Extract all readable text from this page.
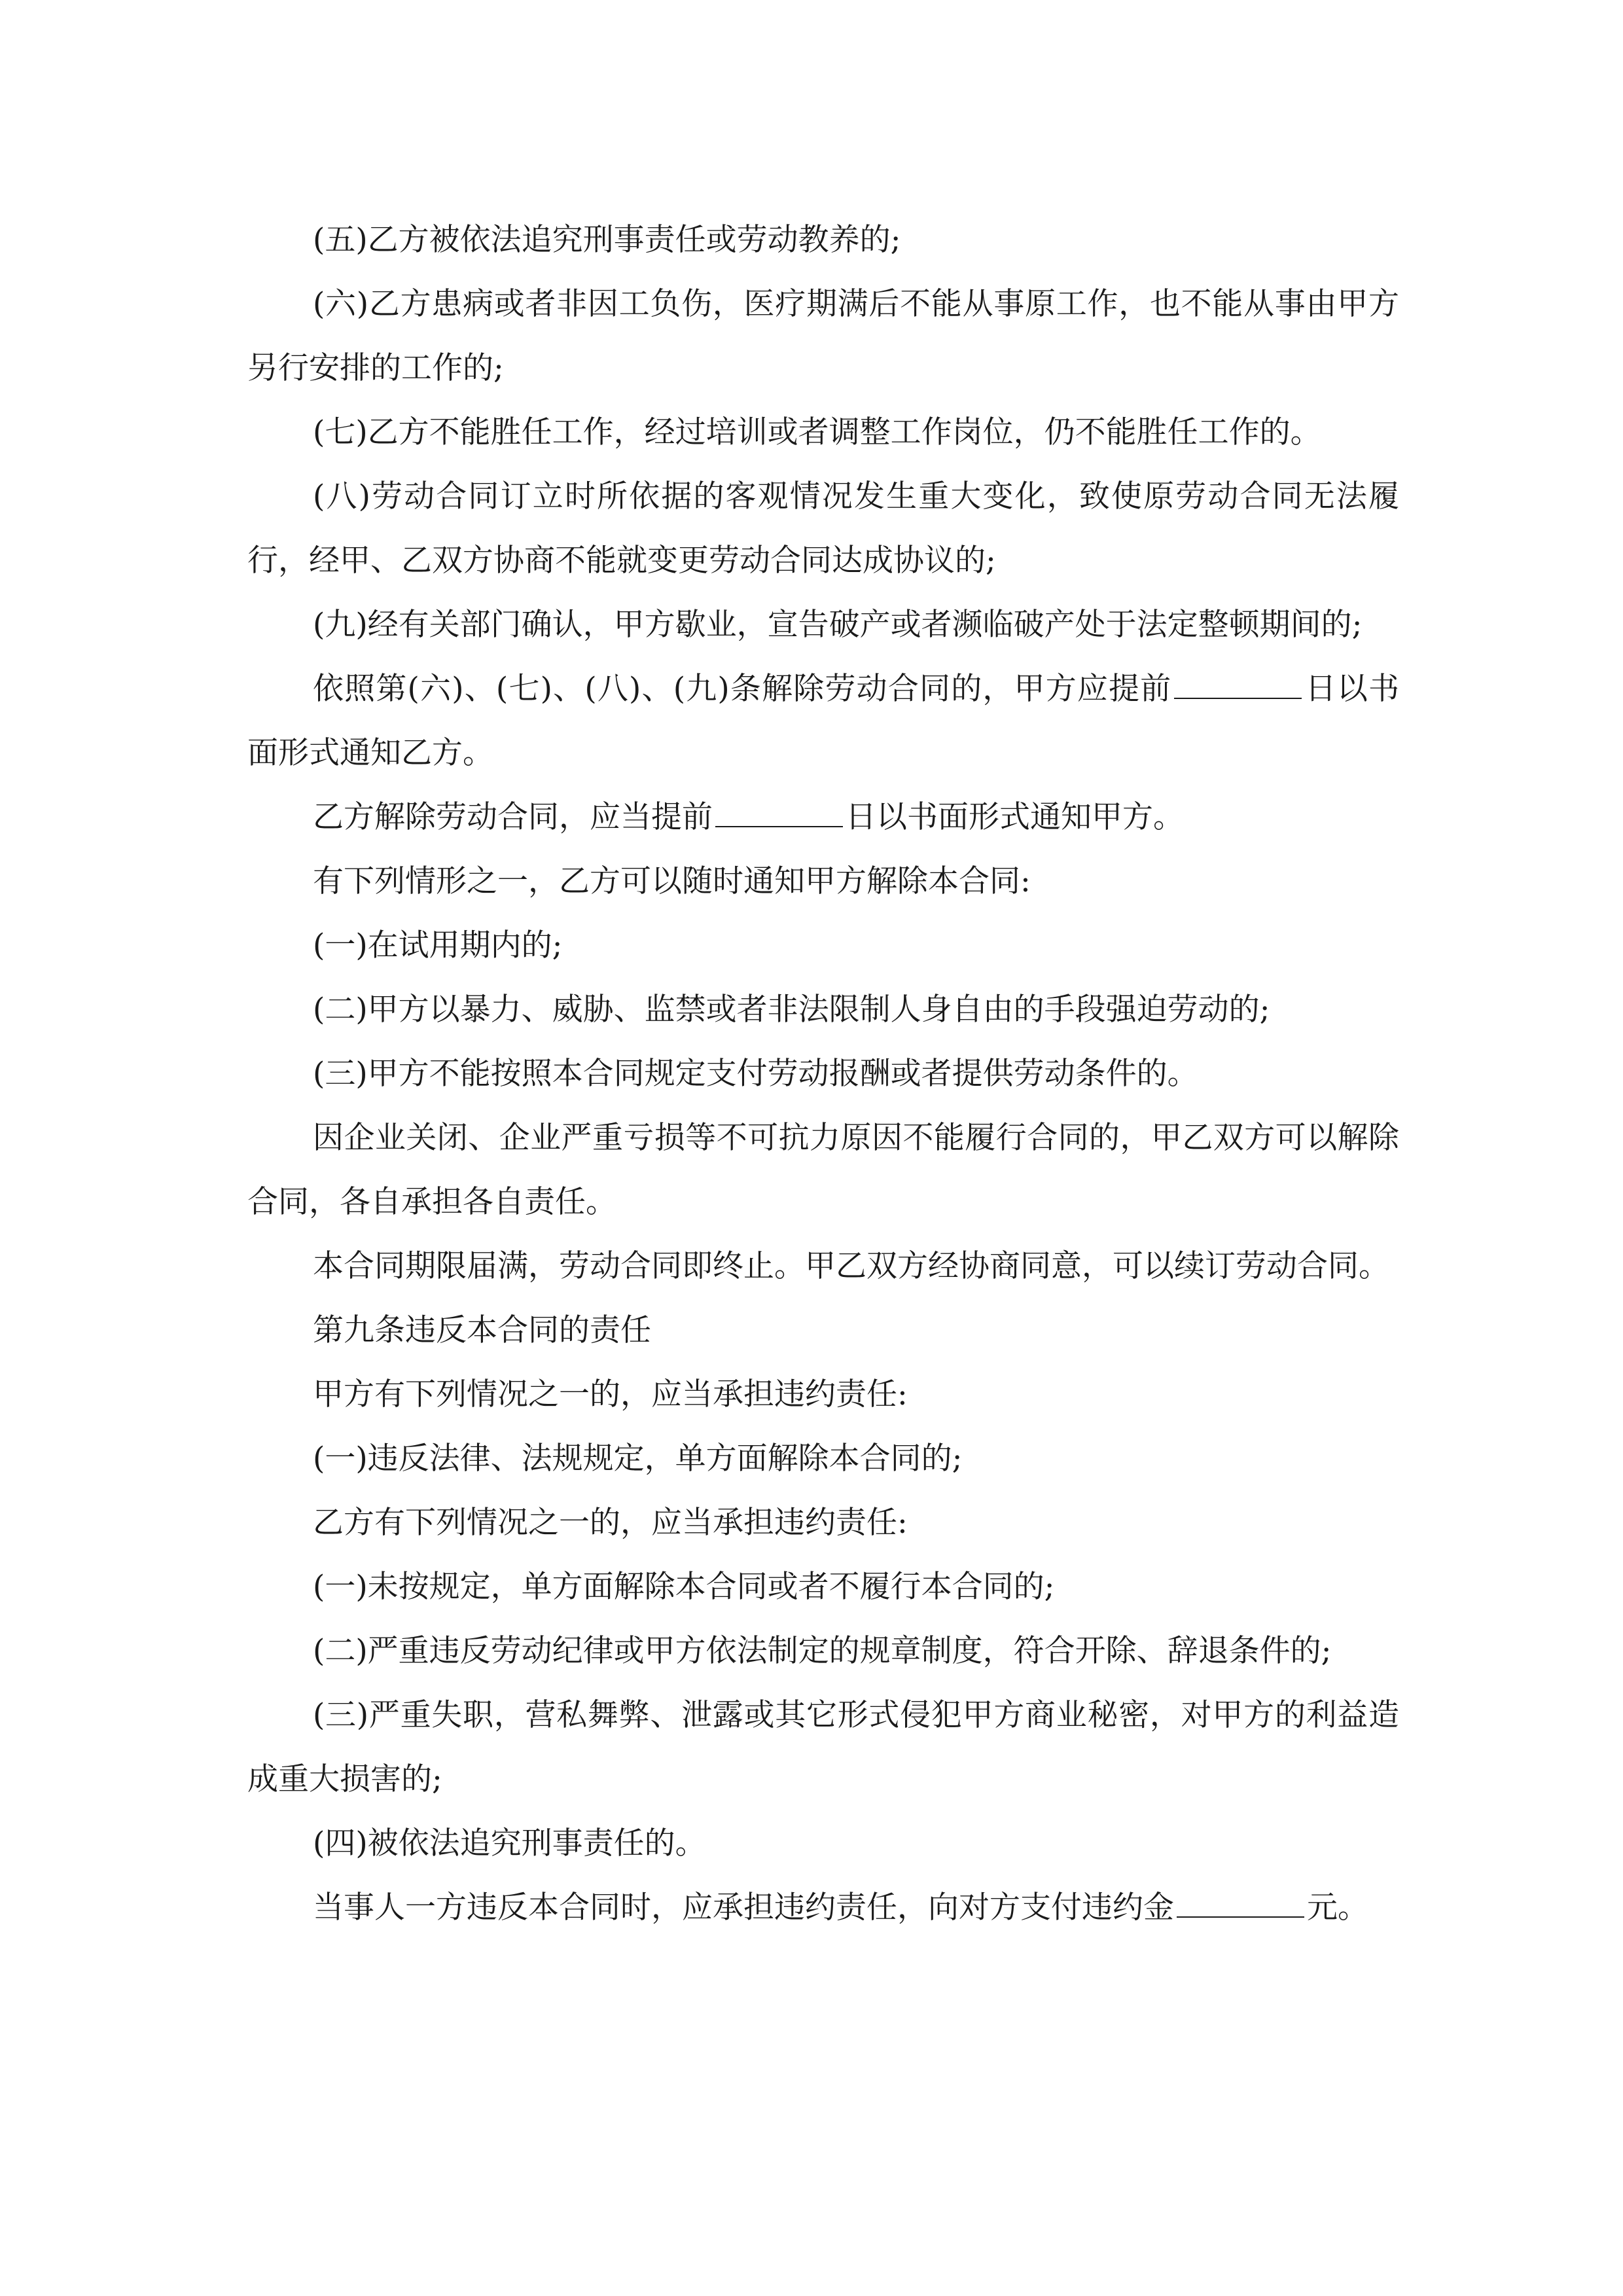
(五)乙方被依法追究刑事责任或劳动教养的;

(六)乙方患病或者非因工负伤，医疗期满后不能从事原工作，也不能从事由甲方另行安排的工作的;

(七)乙方不能胜任工作，经过培训或者调整工作岗位，仍不能胜任工作的。

(八)劳动合同订立时所依据的客观情况发生重大变化，致使原劳动合同无法履行，经甲、乙双方协商不能就变更劳动合同达成协议的;

(九)经有关部门确认，甲方歇业，宣告破产或者濒临破产处于法定整顿期间的;

依照第(六)、(七)、(八)、(九)条解除劳动合同的，甲方应提前	日以书面形式通知乙方。

乙方解除劳动合同，应当提前	日以书面形式通知甲方。

有下列情形之一，乙方可以随时通知甲方解除本合同:

(一)在试用期内的;

(二)甲方以暴力、威胁、监禁或者非法限制人身自由的手段强迫劳动的;

(三)甲方不能按照本合同规定支付劳动报酬或者提供劳动条件的。

因企业关闭、企业严重亏损等不可抗力原因不能履行合同的，甲乙双方可以解除合同，各自承担各自责任。

本合同期限届满，劳动合同即终止。甲乙双方经协商同意，可以续订劳动合同。

第九条违反本合同的责任

甲方有下列情况之一的，应当承担违约责任:

(一)违反法律、法规规定，单方面解除本合同的;

乙方有下列情况之一的，应当承担违约责任:

(一)未按规定，单方面解除本合同或者不履行本合同的;

(二)严重违反劳动纪律或甲方依法制定的规章制度，符合开除、辞退条件的;

(三)严重失职，营私舞弊、泄露或其它形式侵犯甲方商业秘密，对甲方的利益造成重大损害的;

(四)被依法追究刑事责任的。

当事人一方违反本合同时，应承担违约责任，向对方支付违约金	元。
